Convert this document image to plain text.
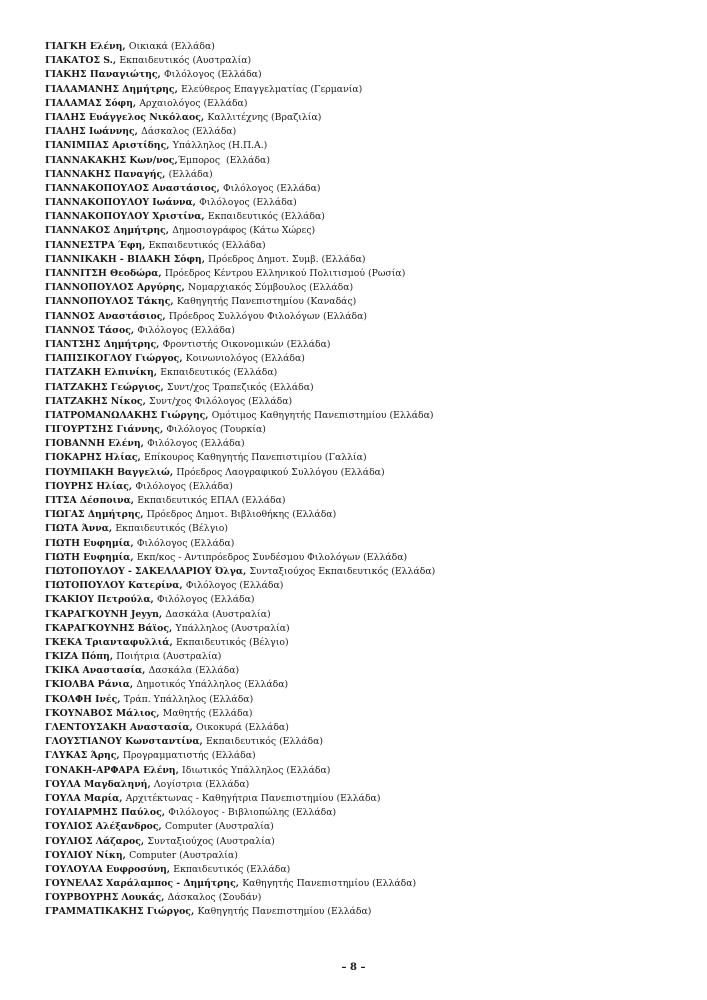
ΓΙΑΓΚΗ Ελένη, Οικιακά (Ελλάδα)
ΓΙΑΚΑΤΟΣ S., Εκπαιδευτικός (Αυστραλία)
ΓΙΑΚΗΣ Παναγιώτης, Φιλόλογος (Ελλάδα)
ΓΙΑΛΑΜΑΝΗΣ Δημήτρης, Ελεύθερος Επαγγελματίας (Γερμανία)
ΓΙΑΛΑΜΑΣ Σόφη, Αρχαιολόγος (Ελλάδα)
ΓΙΑΛΗΣ Ευάγγελος Νικόλαος, Καλλιτέχνης (Βραζιλία)
ΓΙΑΛΗΣ Ιωάννης, Δάσκαλος (Ελλάδα)
ΓΙΑΝΙΜΠΑΣ Αριστίδης, Υπάλληλος (Η.Π.Α.)
ΓΙΑΝΝΑΚΑΚΗΣ Κων/νος,Έμπορος  (Ελλάδα)
ΓΙΑΝΝΑΚΗΣ Παναγής, (Ελλάδα)
ΓΙΑΝΝΑΚΟΠΟΥΛΟΣ Αναστάσιος, Φιλόλογος (Ελλάδα)
ΓΙΑΝΝΑΚΟΠΟΥΛΟΥ Ιωάννα, Φιλόλογος (Ελλάδα)
ΓΙΑΝΝΑΚΟΠΟΥΛΟΥ Χριστίνα, Εκπαιδευτικός (Ελλάδα)
ΓΙΑΝΝΑΚΟΣ Δημήτρης, Δημοσιογράφος (Κάτω Χώρες)
ΓΙΑΝΝΕΣΤΡΑ Έφη, Εκπαιδευτικός (Ελλάδα)
ΓΙΑΝΝΙΚΑΚΗ - ΒΙΔΑΚΗ Σόφη, Πρόεδρος Δημοτ. Συμβ. (Ελλάδα)
ΓΙΑΝΝΙΤΣΗ Θεοδώρα, Πρόεδρος Κέντρου Ελληνικού Πολιτισμού (Ρωσία)
ΓΙΑΝΝΟΠΟΥΛΟΣ Αργύρης, Νομαρχιακός Σύμβουλος (Ελλάδα)
ΓΙΑΝΝΟΠΟΥΛΟΣ Τάκης, Καθηγητής Πανεπιστημίου (Καναδάς)
ΓΙΑΝΝΟΣ Αναστάσιος, Πρόεδρος Συλλόγου Φιλολόγων (Ελλάδα)
ΓΙΑΝΝΟΣ Τάσος, Φιλόλογος (Ελλάδα)
ΓΙΑΝΤΣΗΣ Δημήτρης, Φροντιστής Οικονομικών (Ελλάδα)
ΓΙΑΠΙΣΙΚΟΓΛΟΥ Γιώργος, Κοινωνιολόγος (Ελλάδα)
ΓΙΑΤΖΑΚΗ Ελπινίκη, Εκπαιδευτικός (Ελλάδα)
ΓΙΑΤΖΑΚΗΣ Γεώργιος, Συντ/χος Τραπεζικός (Ελλάδα)
ΓΙΑΤΖΑΚΗΣ Νίκος, Συντ/χος Φιλόλογος (Ελλάδα)
ΓΙΑΤΡΟΜΑΝΩΛΑΚΗΣ Γιώργης, Ομότιμος Καθηγητής Πανεπιστημίου (Ελλάδα)
ΓΙΓΟΥΡΤΣΗΣ Γιάννης, Φιλόλογος (Τουρκία)
ΓΙΟΒΑΝΝΗ Ελένη, Φιλόλογος (Ελλάδα)
ΓΙΟΚΑΡΗΣ Ηλίας, Επίκουρος Καθηγητής Πανεπιστιμίου (Γαλλία)
ΓΙΟΥΜΠΑΚΗ Βαγγελιώ, Πρόεδρος Λαογραφικού Συλλόγου (Ελλάδα)
ΓΙΟΥΡΗΣ Ηλίας, Φιλόλογος (Ελλάδα)
ΓΙΤΣΑ Δέσποινα, Εκπαιδευτικός ΕΠΑΛ (Ελλάδα)
ΓΙΩΓΑΣ Δημήτρης, Πρόεδρος Δημοτ. Βιβλιοθήκης (Ελλάδα)
ΓΙΩΤΑ Άννα, Εκπαιδευτικός (Βέλγιο)
ΓΙΩΤΗ Ευφημία, Φιλόλογος (Ελλάδα)
ΓΙΩΤΗ Ευφημία, Εκπ/κος - Αντιπρόεδρος Συνδέσμου Φιλολόγων (Ελλάδα)
ΓΙΩΤΟΠΟΥΛΟΥ - ΣΑΚΕΛΛΑΡΙΟΥ Όλγα, Συνταξιούχος Εκπαιδευτικός (Ελλάδα)
ΓΙΩΤΟΠΟΥΛΟΥ Κατερίνα, Φιλόλογος (Ελλάδα)
ΓΚΑΚΙΟΥ Πετρούλα, Φιλόλογος (Ελλάδα)
ΓΚΑΡΑΓΚΟΥΝΗ Jeyyn, Δασκάλα (Αυστραλία)
ΓΚΑΡΑΓΚΟΥΝΗΣ Βάϊος, Υπάλληλος (Αυστραλία)
ΓΚΕΚΑ Τριανταφυλλιά, Εκπαιδευτικός (Βέλγιο)
ΓΚΙΖΑ Πόπη, Ποιήτρια (Αυστραλία)
ΓΚΙΚΑ Αναστασία, Δασκάλα (Ελλάδα)
ΓΚΙΟΛΒΑ Ράνια, Δημοτικός Υπάλληλος (Ελλάδα)
ΓΚΟΛΦΗ Ινές, Τράπ. Υπάλληλος (Ελλάδα)
ΓΚΟΥΝΑΒΟΣ Μάλιος, Μαθητής (Ελλάδα)
ΓΛΕΝΤΟΥΣΑΚΗ Αναστασία, Οικοκυρά (Ελλάδα)
ΓΛΟΥΣΤΙΑΝΟΥ Κωνσταντίνα, Εκπαιδευτικός (Ελλάδα)
ΓΛΥΚΑΣ Άρης, Προγραμματιστής (Ελλάδα)
ΓΟΝΑΚΗ-ΑΡΦΑΡΑ Ελένη, Ιδιωτικός Υπάλληλος (Ελλάδα)
ΓΟΥΛΑ Μαγδαληνή, Λογίστρια (Ελλάδα)
ΓΟΥΛΑ Μαρία, Αρχιτέκτωνας - Καθηγήτρια Πανεπιστημίου (Ελλάδα)
ΓΟΥΛΙΑΡΜΗΣ Παύλος, Φιλόλογος - Βιβλιοπώλης (Ελλάδα)
ΓΟΥΛΙΟΣ Αλέξανδρος, Computer (Αυστραλία)
ΓΟΥΛΙΟΣ Λάζαρος, Συνταξιούχος (Αυστραλία)
ΓΟΥΛΙΟΥ Νίκη, Computer (Αυστραλία)
ΓΟΥΛΟΥΛΑ Ευφροσύνη, Εκπαιδευτικός (Ελλάδα)
ΓΟΥΝΕΛΑΣ Χαράλαμπος - Δημήτρης, Καθηγητής Πανεπιστημίου (Ελλάδα)
ΓΟΥΡΒΟΥΡΗΣ Λουκάς, Δάσκαλος (Σουδάν)
ΓΡΑΜΜΑΤΙΚΑΚΗΣ Γιώργος, Καθηγητής Πανεπιστημίου (Ελλάδα)
– 8 –
